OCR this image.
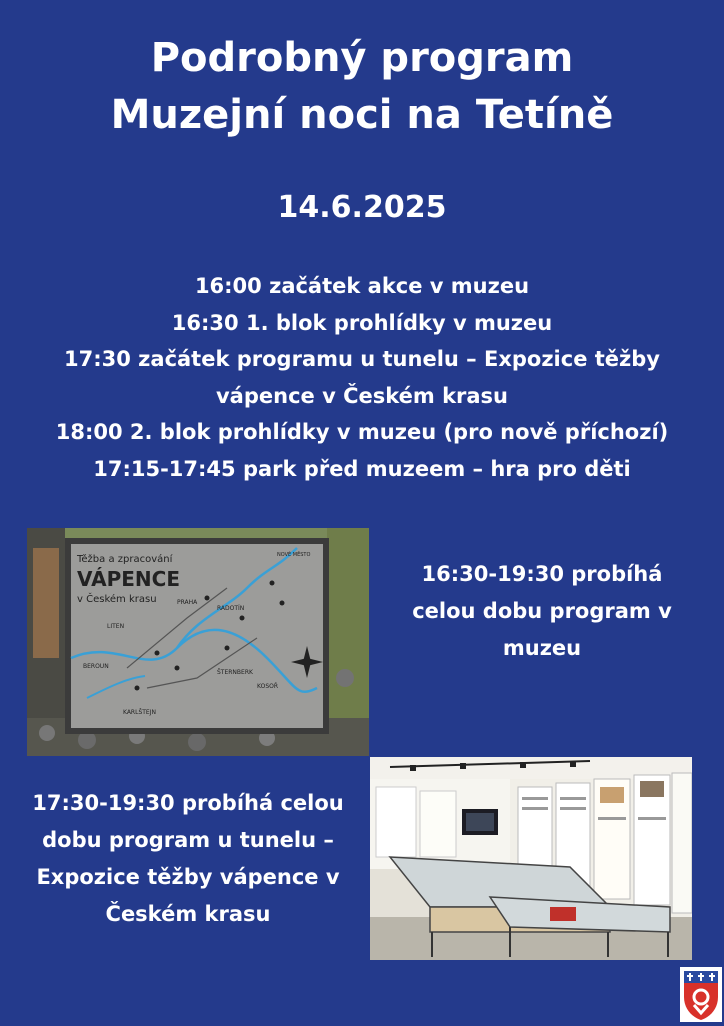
Podrobný program
Muzejní noci na Tetíně
14.6.2025
16:00 začátek akce v muzeu
16:30 1. blok prohlídky v muzeu
17:30 začátek programu u tunelu – Expozice těžby
vápence v Českém krasu
18:00 2. blok prohlídky v muzeu (pro nově příchozí)
17:15-17:45 park před muzeem – hra pro děti
Těžba a zpracování
VÁPENCE
v Českém krasu	PRAHA
BEROUN
KARLŠTEJN
RADOTÍN
ŠTERNBERK
LITEN
KOSOŘ
NOVÉ MĚSTO
16:30-19:30 probíhá
celou dobu program v
muzeu
17:30-19:30 probíhá celou
dobu program u tunelu –
Expozice těžby vápence v
Českém krasu
